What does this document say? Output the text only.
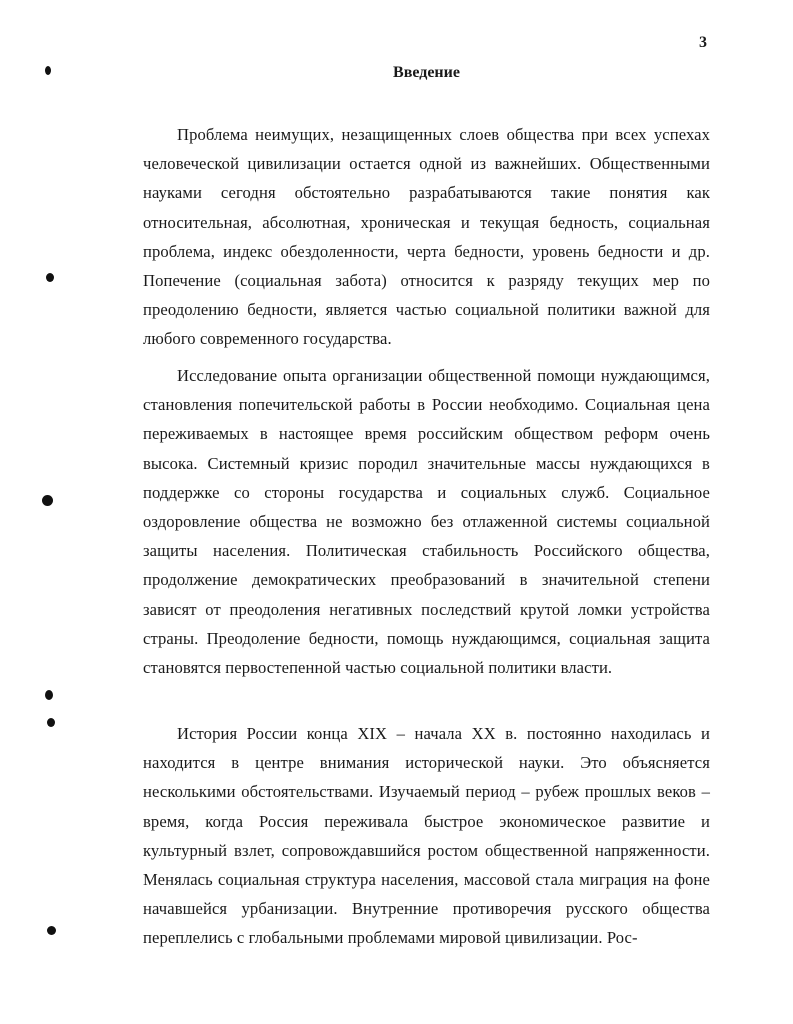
3
Введение

Проблема неимущих, незащищенных слоев общества при всех успехах человеческой цивилизации остается одной из важнейших. Общественными науками сегодня обстоятельно разрабатываются такие понятия как относительная, абсолютная, хроническая и текущая бедность, социальная проблема, индекс обездоленности, черта бедности, уровень бедности и др. Попечение (социальная забота) относится к разряду текущих мер по преодолению бедности, является частью социальной политики важной для любого современного государства.

Исследование опыта организации общественной помощи нуждающимся, становления попечительской работы в России необходимо. Социальная цена переживаемых в настоящее время российским обществом реформ очень высока. Системный кризис породил значительные массы нуждающихся в поддержке со стороны государства и социальных служб. Социальное оздоровление общества не возможно без отлаженной системы социальной защиты населения. Политическая стабильность Российского общества, продолжение демократических преобразований в значительной степени зависят от преодоления негативных последствий крутой ломки устройства страны. Преодоление бедности, помощь нуждающимся, социальная защита становятся первостепенной частью социальной политики власти.

История России конца XIX – начала XX в. постоянно находилась и находится в центре внимания исторической науки. Это объясняется несколькими обстоятельствами. Изучаемый период – рубеж прошлых веков – время, когда Россия переживала быстрое экономическое развитие и культурный взлет, сопровождавшийся ростом общественной напряженности. Менялась социальная структура населения, массовой стала миграция на фоне начавшейся урбанизации. Внутренние противоречия русского общества переплелись с глобальными проблемами мировой цивилизации. Рос-
